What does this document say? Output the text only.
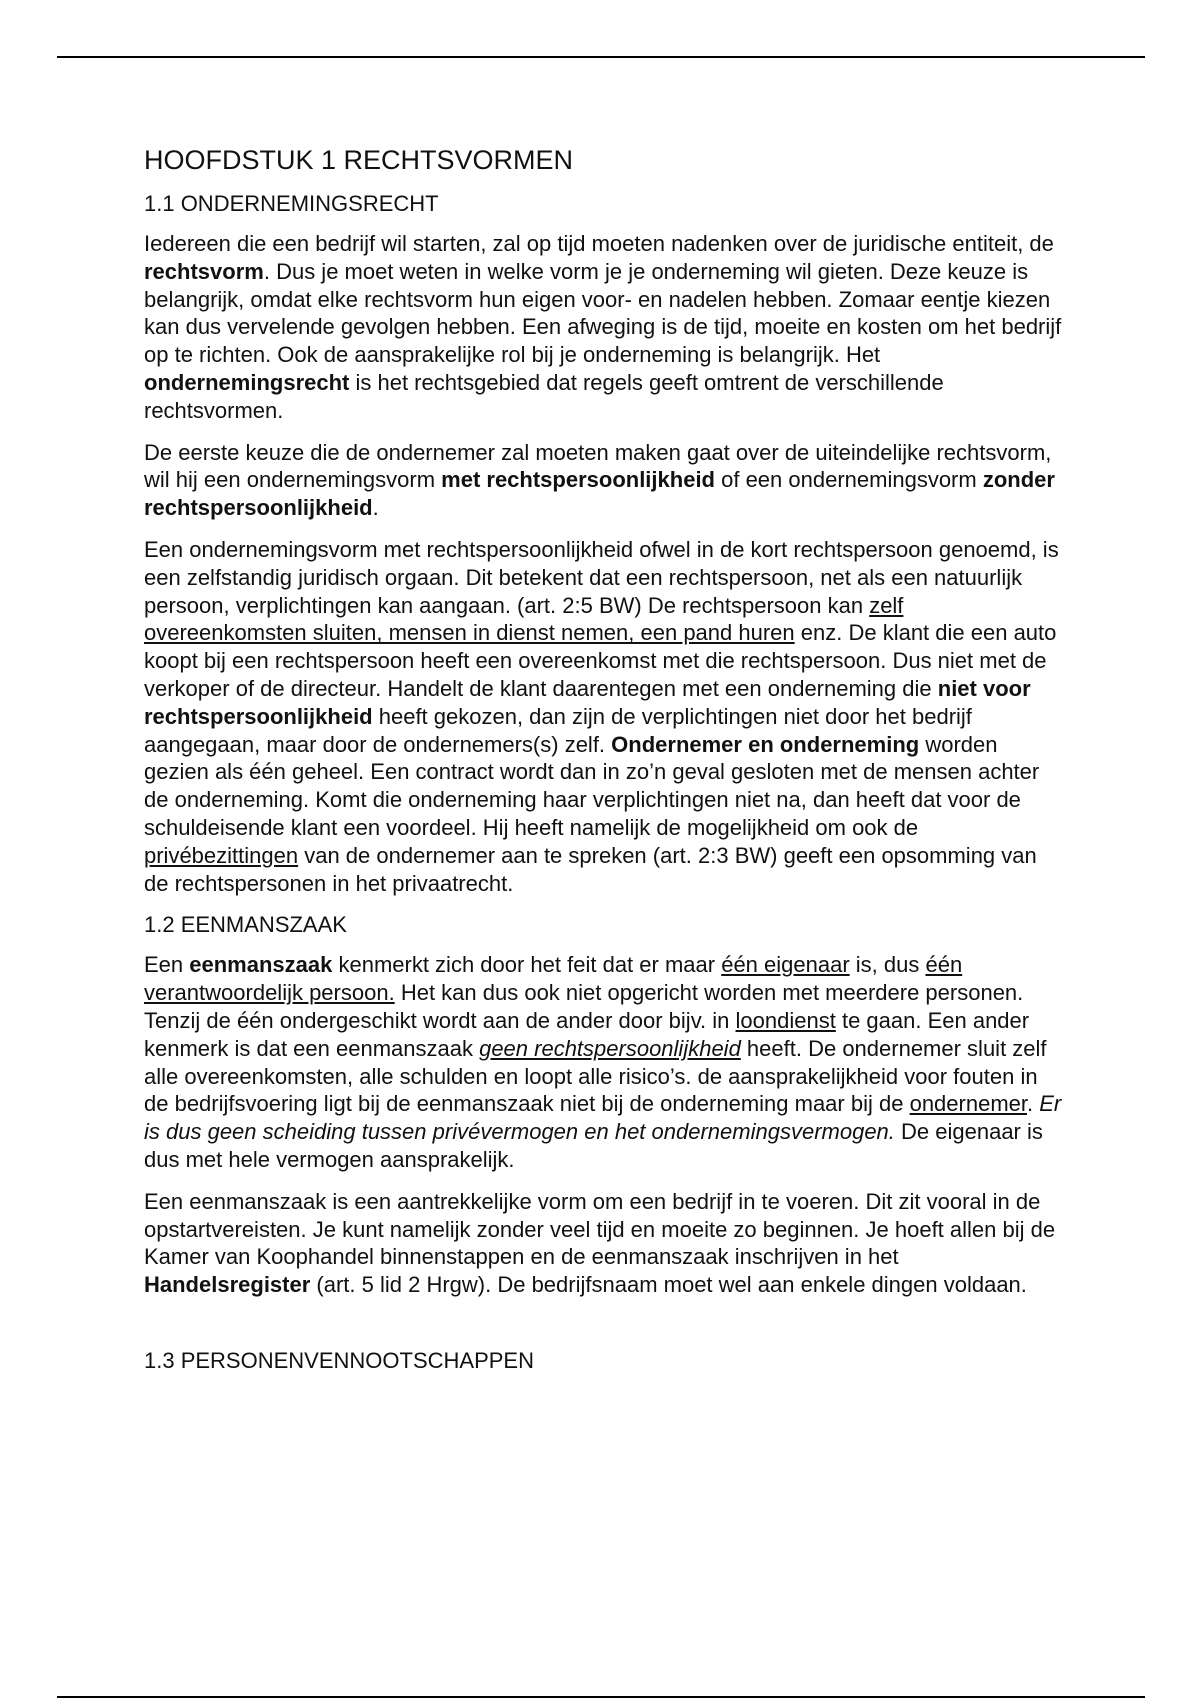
HOOFDSTUK 1 RECHTSVORMEN
1.1 ONDERNEMINGSRECHT

Iedereen die een bedrijf wil starten, zal op tijd moeten nadenken over de juridische entiteit, de rechtsvorm. Dus je moet weten in welke vorm je je onderneming wil gieten. Deze keuze is belangrijk, omdat elke rechtsvorm hun eigen voor- en nadelen hebben. Zomaar eentje kiezen kan dus vervelende gevolgen hebben. Een afweging is de tijd, moeite en kosten om het bedrijf op te richten. Ook de aansprakelijke rol bij je onderneming is belangrijk. Het ondernemingsrecht is het rechtsgebied dat regels geeft omtrent de verschillende rechtsvormen.

De eerste keuze die de ondernemer zal moeten maken gaat over de uiteindelijke rechtsvorm, wil hij een ondernemingsvorm met rechtspersoonlijkheid of een ondernemingsvorm zonder rechtspersoonlijkheid.

Een ondernemingsvorm met rechtspersoonlijkheid ofwel in de kort rechtspersoon genoemd, is een zelfstandig juridisch orgaan. Dit betekent dat een rechtspersoon, net als een natuurlijk persoon, verplichtingen kan aangaan. (art. 2:5 BW) De rechtspersoon kan zelf overeenkomsten sluiten, mensen in dienst nemen, een pand huren enz. De klant die een auto koopt bij een rechtspersoon heeft een overeenkomst met die rechtspersoon. Dus niet met de verkoper of de directeur. Handelt de klant daarentegen met een onderneming die niet voor rechtspersoonlijkheid heeft gekozen, dan zijn de verplichtingen niet door het bedrijf aangegaan, maar door de ondernemers(s) zelf. Ondernemer en onderneming worden gezien als één geheel. Een contract wordt dan in zo’n geval gesloten met de mensen achter de onderneming. Komt die onderneming haar verplichtingen niet na, dan heeft dat voor de schuldeisende klant een voordeel. Hij heeft namelijk de mogelijkheid om ook de privébezittingen van de ondernemer aan te spreken (art. 2:3 BW) geeft een opsomming van de rechtspersonen in het privaatrecht.

1.2 EENMANSZAAK

Een eenmanszaak kenmerkt zich door het feit dat er maar één eigenaar is, dus één verantwoordelijk persoon. Het kan dus ook niet opgericht worden met meerdere personen. Tenzij de één ondergeschikt wordt aan de ander door bijv. in loondienst te gaan. Een ander kenmerk is dat een eenmanszaak geen rechtspersoonlijkheid heeft. De ondernemer sluit zelf alle overeenkomsten, alle schulden en loopt alle risico’s. de aansprakelijkheid voor fouten in de bedrijfsvoering ligt bij de eenmanszaak niet bij de onderneming maar bij de ondernemer. Er is dus geen scheiding tussen privévermogen en het ondernemingsvermogen. De eigenaar is dus met hele vermogen aansprakelijk.

Een eenmanszaak is een aantrekkelijke vorm om een bedrijf in te voeren. Dit zit vooral in de opstartvereisten. Je kunt namelijk zonder veel tijd en moeite zo beginnen. Je hoeft allen bij de Kamer van Koophandel binnenstappen en de eenmanszaak inschrijven in het Handelsregister (art. 5 lid 2 Hrgw). De bedrijfsnaam moet wel aan enkele dingen voldaan.

1.3 PERSONENVENNOOTSCHAPPEN
